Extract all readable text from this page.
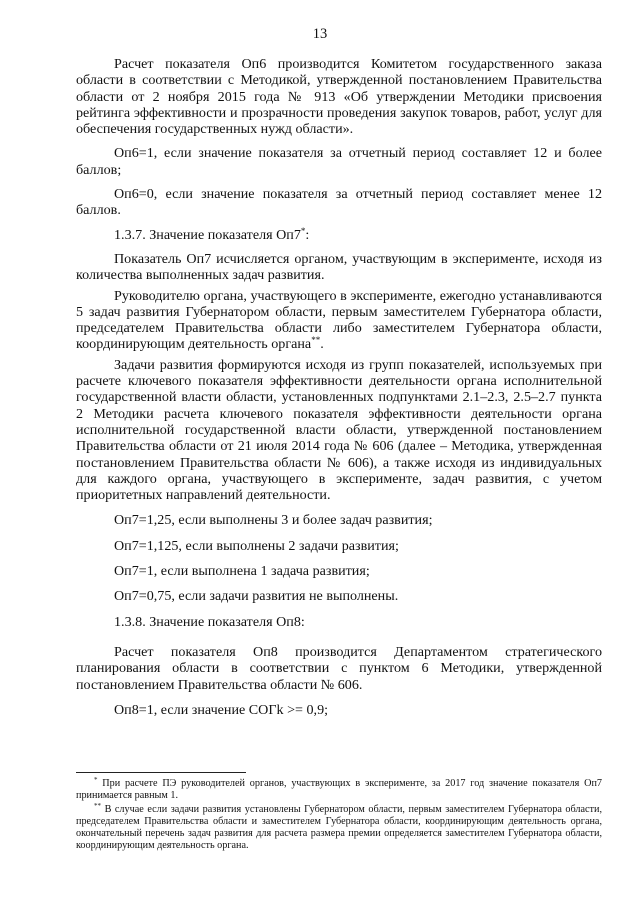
13

Расчет показателя Оп6 производится Комитетом государственного заказа области в соответствии с Методикой, утвержденной постановлением Правительства области от 2 ноября 2015 года № 913 «Об утверждении Методики присвоения рейтинга эффективности и прозрачности проведения закупок товаров, работ, услуг для обеспечения государственных нужд области».

Оп6=1, если значение показателя за отчетный период составляет 12 и более баллов;

Оп6=0, если значение показателя за отчетный период составляет менее 12 баллов.

1.3.7. Значение показателя Оп7*:

Показатель Оп7 исчисляется органом, участвующим в эксперименте, исходя из количества выполненных задач развития.

Руководителю органа, участвующего в эксперименте, ежегодно устанавливаются 5 задач развития Губернатором области, первым заместителем Губернатора области, председателем Правительства области либо заместителем Губернатора области, координирующим деятельность органа**.

Задачи развития формируются исходя из групп показателей, используемых при расчете ключевого показателя эффективности деятельности органа исполнительной государственной власти области, установленных подпунктами 2.1–2.3, 2.5–2.7 пункта 2 Методики расчета ключевого показателя эффективности деятельности органа исполнительной государственной власти области, утвержденной постановлением Правительства области от 21 июля 2014 года № 606 (далее – Методика, утвержденная постановлением Правительства области № 606), а также исходя из индивидуальных для каждого органа, участвующего в эксперименте, задач развития, с учетом приоритетных направлений деятельности.

Оп7=1,25, если выполнены 3 и более задач развития;

Оп7=1,125, если выполнены 2 задачи развития;

Оп7=1, если выполнена 1 задача развития;

Оп7=0,75, если задачи развития не выполнены.

1.3.8. Значение показателя Оп8:

Расчет показателя Оп8 производится Департаментом стратегического планирования области в соответствии с пунктом 6 Методики, утвержденной постановлением Правительства области № 606.

Оп8=1, если значение СОГk >= 0,9;

* При расчете ПЭ руководителей органов, участвующих в эксперименте, за 2017 год значение показателя Оп7 принимается равным 1.

** В случае если задачи развития установлены Губернатором области, первым заместителем Губернатора области, председателем Правительства области и заместителем Губернатора области, координирующим деятельность органа, окончательный перечень задач развития для расчета размера премии определяется заместителем Губернатора области, координирующим деятельность органа.
